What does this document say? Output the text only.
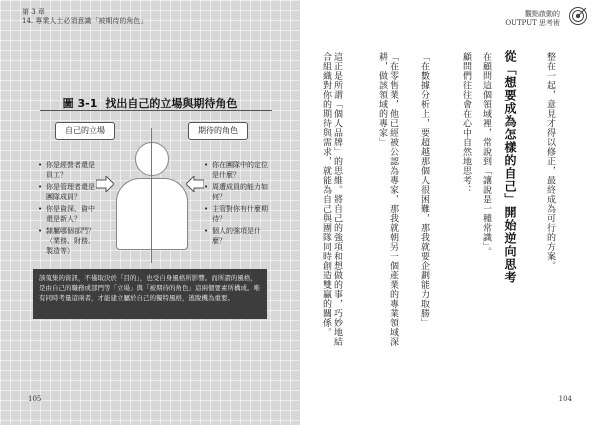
第 3 章
14. 專業人士必須意識「被期待的角色」
圖 3-1 找出自己的立場與期待角色
自己的立場	期待的角色
• 你是經營者還是員工？
• 你是管理者還是團隊成員？
• 你是資深、資中還是新人？
• 隸屬哪個部門？（業務、財務、製造等）
• 你在團隊中的定位是什麼？
• 周遭成員的能力如何？
• 主管對你有什麼期待？
• 個人的強項是什麼？
該蒐集的資訊，不僅取決於「目的」，也受自身風格所影響。而所謂的風格，是由自己的職務或部門等「立場」與「被期待的角色」這兩個要素所構成。唯有同時考量這兩者，才能建立屬於自己的獨特風格，逃脫機為重要。
105
觀點啟動的
OUTPUT 思考術
整在一起，意見才得以修正，最終成為可行的方案。
從「想要成為怎樣的自己」開始逆向思考
在顧問這個領域裡，常說到「讓說是一種常識」。
顧問們往往會在心中自然地思考：
「在數據分析上，要超越那個人很困難，那我就要企劃能力取勝」
「在零售業，他已經被公認為專家，那我就朝另一個產業的專業領域深耕，做該領域的專家」
這正是所謂「個人品牌」的思維。將自己的強項和想做的事，巧妙地結合組織對你的期待與需求，就能為自己與團隊同時創造雙贏的關係。
104
